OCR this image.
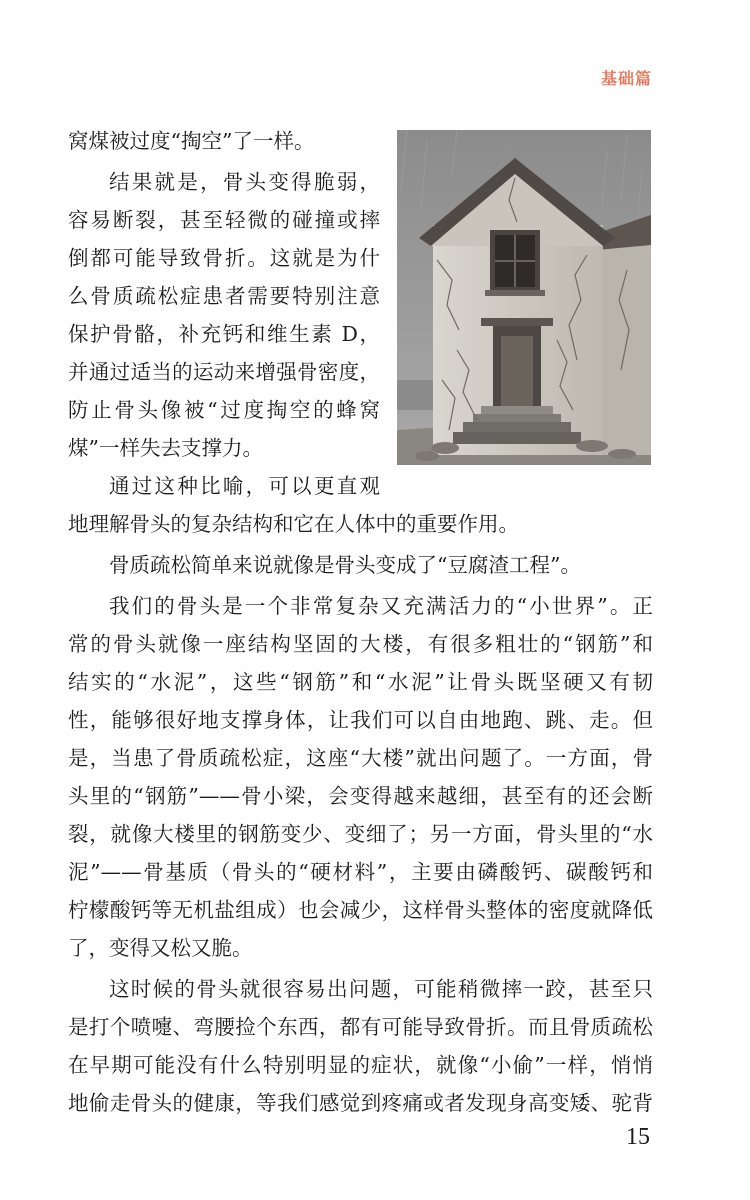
基础篇
窝煤被过度“掏空”了一样。
结果就是，骨头变得脆弱，
容易断裂，甚至轻微的碰撞或摔
倒都可能导致骨折。这就是为什
么骨质疏松症患者需要特别注意
保护骨骼，补充钙和维生素 D，
并通过适当的运动来增强骨密度，
防止骨头像被“过度掏空的蜂窝
煤”一样失去支撑力。
通过这种比喻，可以更直观
地理解骨头的复杂结构和它在人体中的重要作用。
骨质疏松简单来说就像是骨头变成了“豆腐渣工程”。
我们的骨头是一个非常复杂又充满活力的“小世界”。正
常的骨头就像一座结构坚固的大楼，有很多粗壮的“钢筋”和
结实的“水泥”，这些“钢筋”和“水泥”让骨头既坚硬又有韧
性，能够很好地支撑身体，让我们可以自由地跑、跳、走。但
是，当患了骨质疏松症，这座“大楼”就出问题了。一方面，骨
头里的“钢筋”——骨小梁，会变得越来越细，甚至有的还会断
裂，就像大楼里的钢筋变少、变细了；另一方面，骨头里的“水
泥”——骨基质（骨头的“硬材料”，主要由磷酸钙、碳酸钙和
柠檬酸钙等无机盐组成）也会减少，这样骨头整体的密度就降低
了，变得又松又脆。
这时候的骨头就很容易出问题，可能稍微摔一跤，甚至只
是打个喷嚏、弯腰捡个东西，都有可能导致骨折。而且骨质疏松
在早期可能没有什么特别明显的症状，就像“小偷”一样，悄悄
地偷走骨头的健康，等我们感觉到疼痛或者发现身高变矮、驼背
15
